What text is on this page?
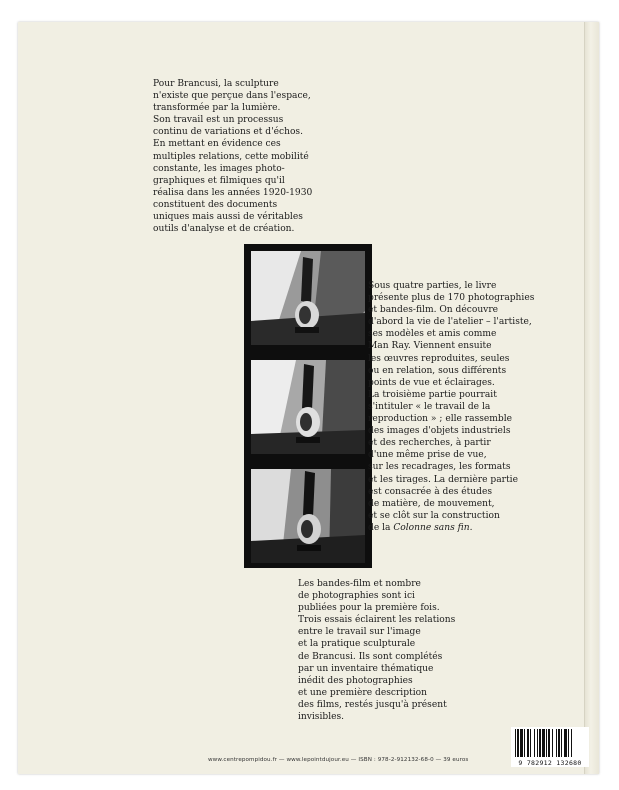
Pour Brancusi, la sculpture

n'existe que perçue dans l'espace,

transformée par la lumière.

Son travail est un processus

continu de variations et d'échos.

En mettant en évidence ces

multiples relations, cette mobilité

constante, les images photo-

graphiques et filmiques qu'il

réalisa dans les années 1920-1930

constituent des documents

uniques mais aussi de véritables

outils d'analyse et de création.

Sous quatre parties, le livre

présente plus de 170 photographies

et bandes-film. On découvre

d'abord la vie de l'atelier – l'artiste,

ses modèles et amis comme

Man Ray. Viennent ensuite

les œuvres reproduites, seules

ou en relation, sous différents

points de vue et éclairages.

La troisième partie pourrait

s'intituler « le travail de la

reproduction » ; elle rassemble

des images d'objets industriels

et des recherches, à partir

d'une même prise de vue,

sur les recadrages, les formats

et les tirages. La dernière partie

est consacrée à des études

de matière, de mouvement,

et se clôt sur la construction

de la Colonne sans fin.

Les bandes-film et nombre

de photographies sont ici

publiées pour la première fois.

Trois essais éclairent les relations

entre le travail sur l'image

et la pratique sculpturale

de Brancusi. Ils sont complétés

par un inventaire thématique

inédit des photographies

et une première description

des films, restés jusqu'à présent

invisibles.

www.centrepompidou.fr — www.lepointdujour.eu — ISBN : 978-2-912132-68-0 — 39 euros	9 782912 132680
